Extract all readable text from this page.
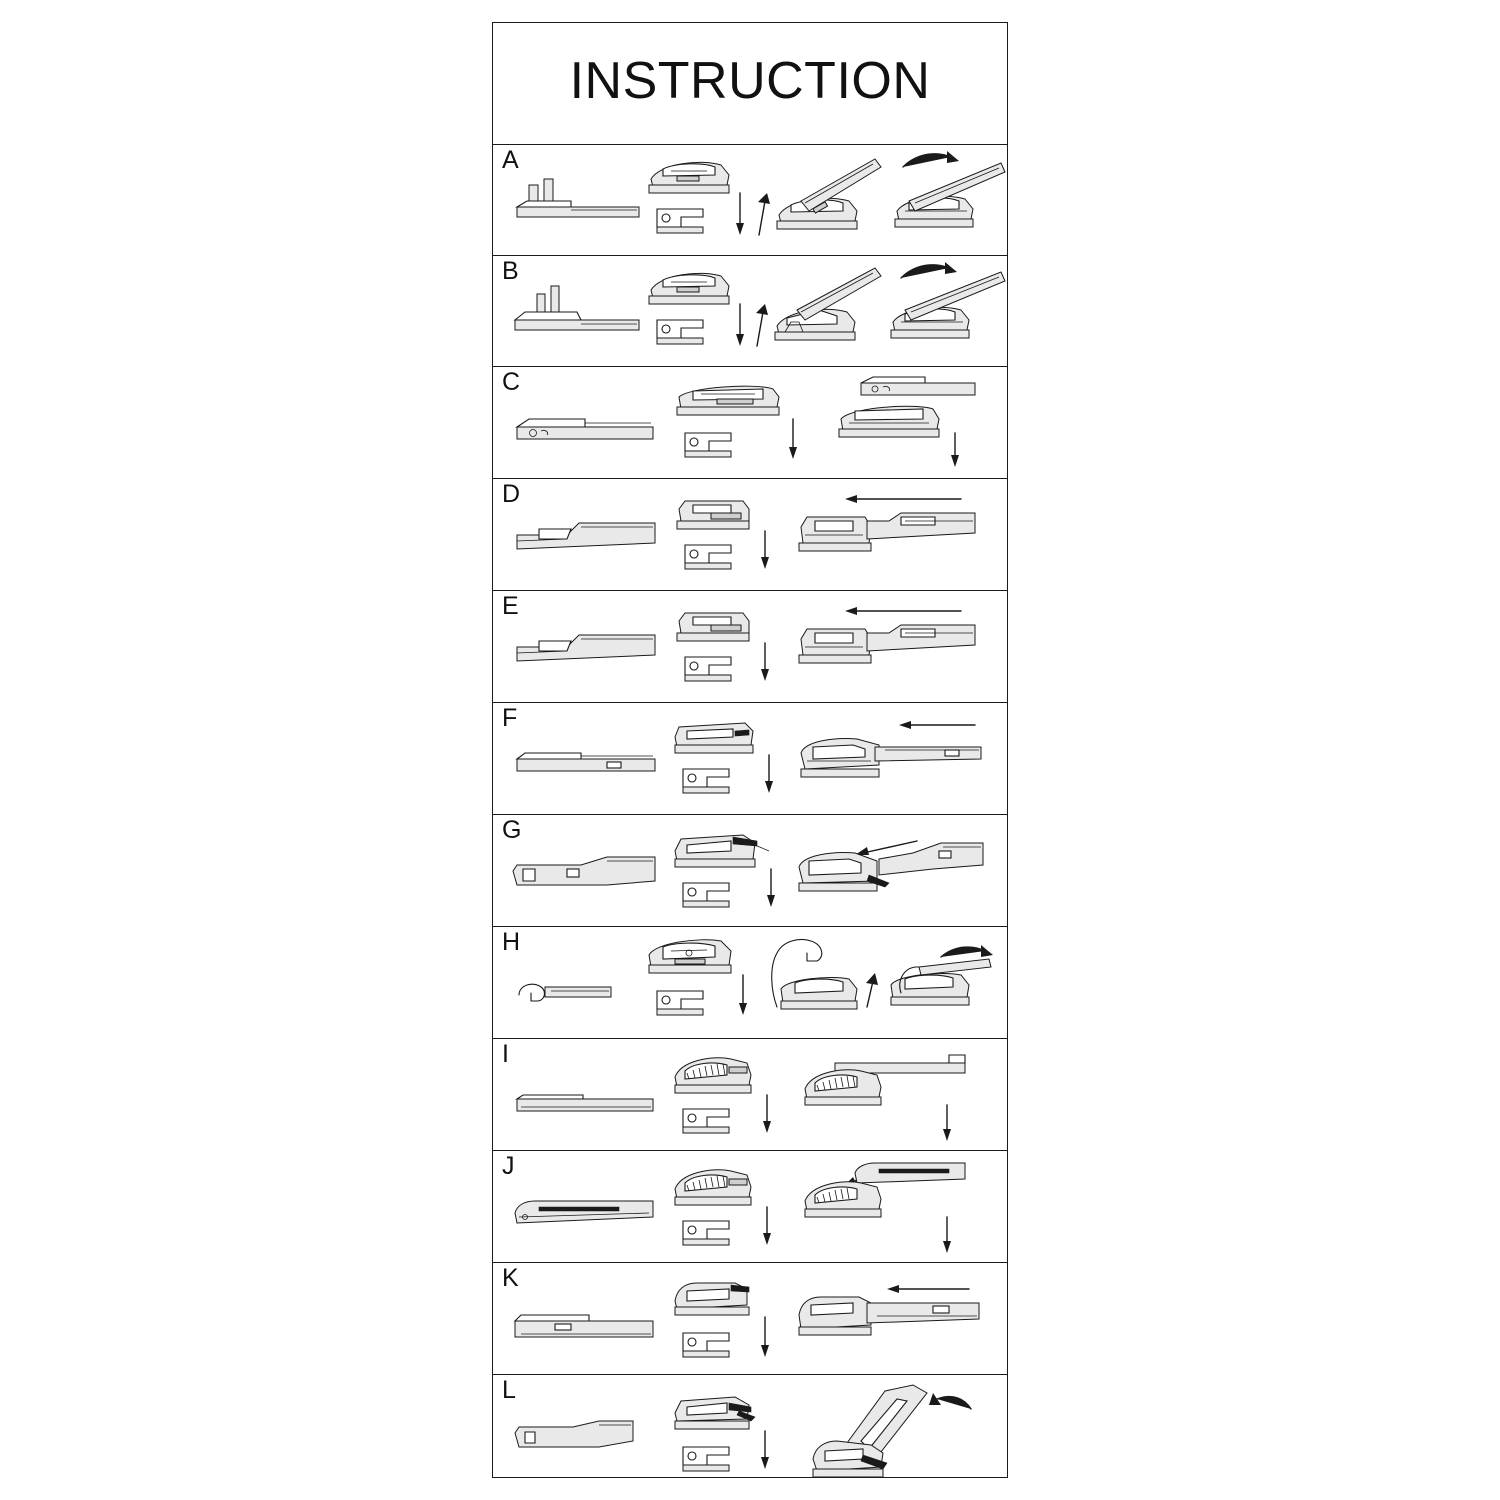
INSTRUCTION
A
B
C
D
E
F
G
H
I
J
K
L
